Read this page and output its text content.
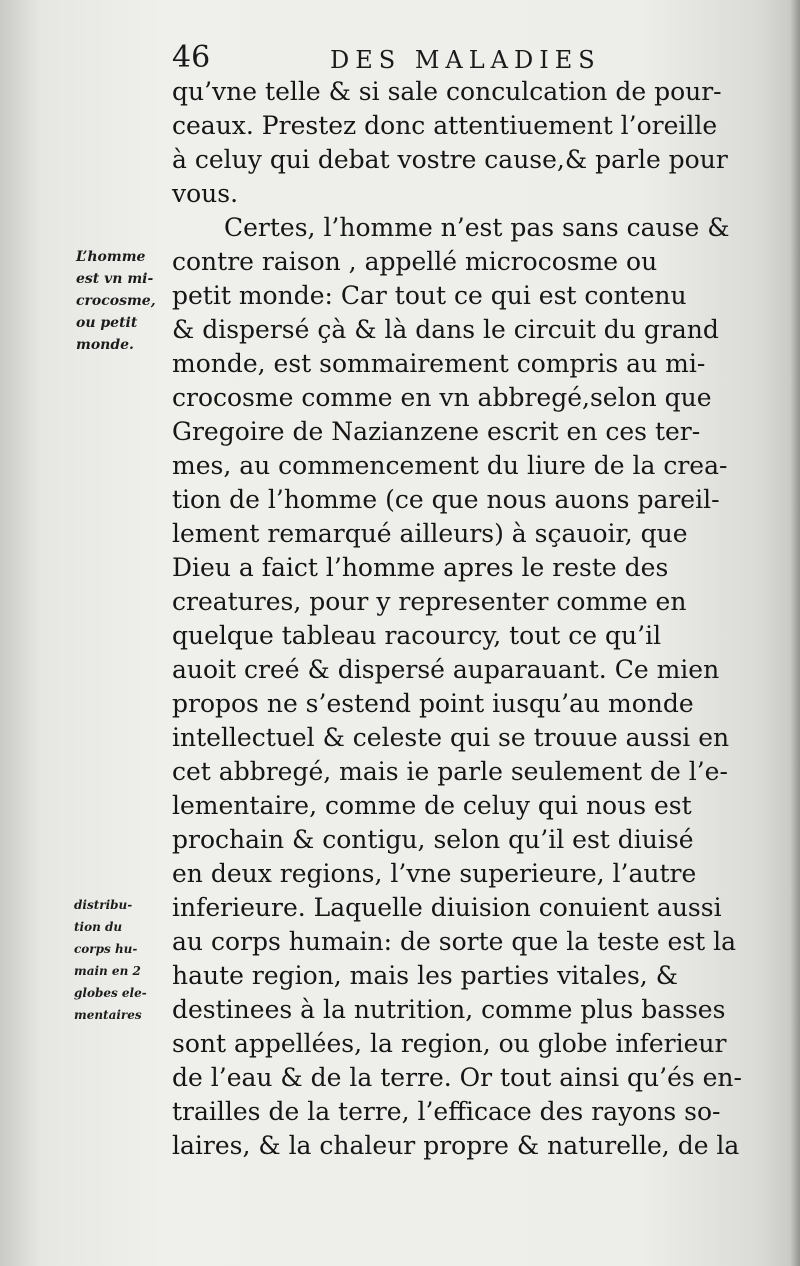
46	DES MALADIES
L’homme
est vn mi-
crocosme,
ou petit
monde.
distribu-
tion du
corps hu-
main en 2
globes ele-
mentaires
qu’vne telle & si sale conculcation de pour-
ceaux. Prestez donc attentiuement l’oreille
à celuy qui debat vostre cause,& parle pour
vous.
Certes, l’homme n’est pas sans cause &
contre raison , appellé microcosme ou
petit monde: Car tout ce qui est contenu
& dispersé çà & là dans le circuit du grand
monde, est sommairement compris au mi-
crocosme comme en vn abbregé,selon que
Gregoire de Nazianzene escrit en ces ter-
mes, au commencement du liure de la crea-
tion de l’homme (ce que nous auons pareil-
lement remarqué ailleurs) à sçauoir, que
Dieu a faict l’homme apres le reste des
creatures, pour y representer comme en
quelque tableau racourcy, tout ce qu’il
auoit creé & dispersé auparauant. Ce mien
propos ne s’estend point iusqu’au monde
intellectuel & celeste qui se trouue aussi en
cet abbregé, mais ie parle seulement de l’e-
lementaire, comme de celuy qui nous est
prochain & contigu, selon qu’il est diuisé
en deux regions, l’vne superieure, l’autre
inferieure. Laquelle diuision conuient aussi
au corps humain: de sorte que la teste est la
haute region, mais les parties vitales, &
destinees à la nutrition, comme plus basses
sont appellées, la region, ou globe inferieur
de l’eau & de la terre. Or tout ainsi qu’és en-
trailles de la terre, l’efficace des rayons so-
laires, & la chaleur propre & naturelle, de la
